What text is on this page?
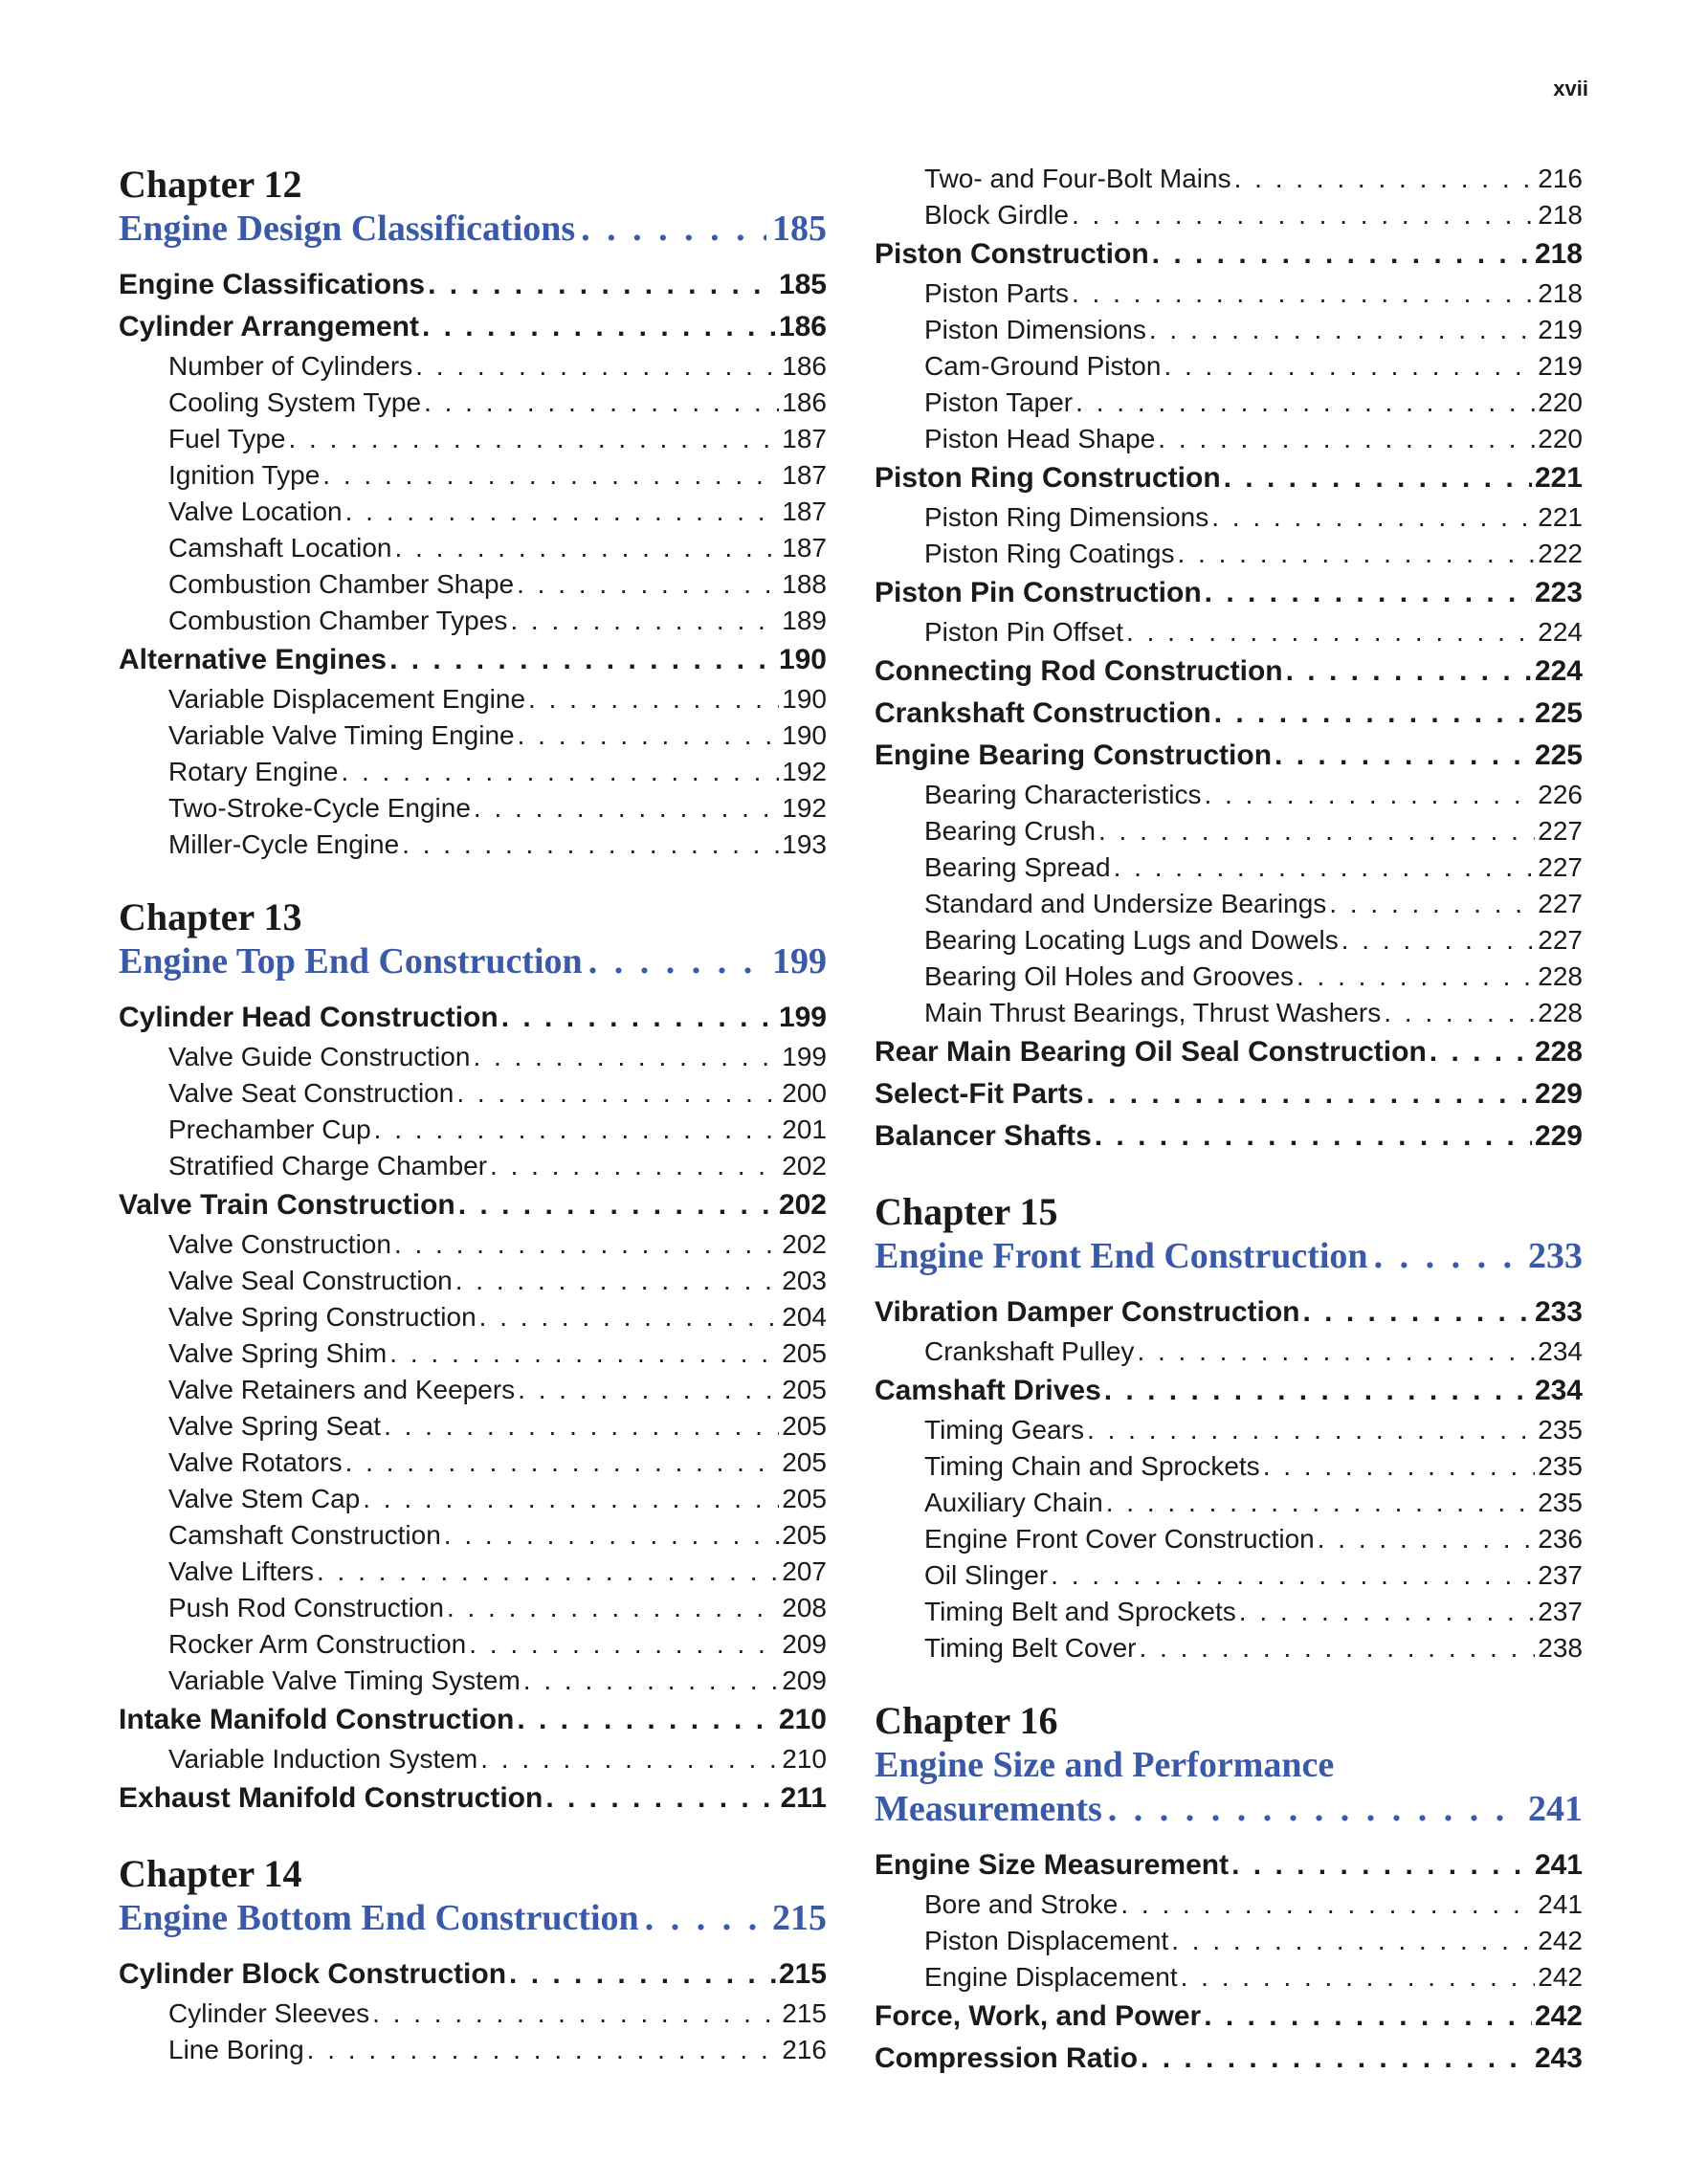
xvii
Chapter 12
Engine Design Classifications . . .	185
Engine Classifications . . .	185
Cylinder Arrangement . . .	186
Number of Cylinders . . .	186
Cooling System Type . . .	186
Fuel Type . . .	187
Ignition Type . . .	187
Valve Location . . .	187
Camshaft Location . . .	187
Combustion Chamber Shape . . .	188
Combustion Chamber Types . . .	189
Alternative Engines . . .	190
Variable Displacement Engine . . .	190
Variable Valve Timing Engine . . .	190
Rotary Engine . . .	192
Two-Stroke-Cycle Engine . . .	192
Miller-Cycle Engine . . .	193
Chapter 13
Engine Top End Construction . . .	199
Cylinder Head Construction . . .	199
Valve Guide Construction . . .	199
Valve Seat Construction . . .	200
Prechamber Cup . . .	201
Stratified Charge Chamber . . .	202
Valve Train Construction . . .	202
Valve Construction . . .	202
Valve Seal Construction . . .	203
Valve Spring Construction . . .	204
Valve Spring Shim . . .	205
Valve Retainers and Keepers . . .	205
Valve Spring Seat . . .	205
Valve Rotators . . .	205
Valve Stem Cap . . .	205
Camshaft Construction . . .	205
Valve Lifters . . .	207
Push Rod Construction . . .	208
Rocker Arm Construction . . .	209
Variable Valve Timing System . . .	209
Intake Manifold Construction . . .	210
Variable Induction System . . .	210
Exhaust Manifold Construction . . .	211
Chapter 14
Engine Bottom End Construction . . .	215
Cylinder Block Construction . . .	215
Cylinder Sleeves . . .	215
Line Boring . . .	216
Two- and Four-Bolt Mains . . .	216
Block Girdle . . .	218
Piston Construction . . .	218
Piston Parts . . .	218
Piston Dimensions . . .	219
Cam-Ground Piston . . .	219
Piston Taper . . .	220
Piston Head Shape . . .	220
Piston Ring Construction . . .	221
Piston Ring Dimensions . . .	221
Piston Ring Coatings . . .	222
Piston Pin Construction . . .	223
Piston Pin Offset . . .	224
Connecting Rod Construction . . .	224
Crankshaft Construction . . .	225
Engine Bearing Construction . . .	225
Bearing Characteristics . . .	226
Bearing Crush . . .	227
Bearing Spread . . .	227
Standard and Undersize Bearings . . .	227
Bearing Locating Lugs and Dowels . . .	227
Bearing Oil Holes and Grooves . . .	228
Main Thrust Bearings, Thrust Washers . . .	228
Rear Main Bearing Oil Seal Construction . . .	228
Select-Fit Parts . . .	229
Balancer Shafts . . .	229
Chapter 15
Engine Front End Construction . . .	233
Vibration Damper Construction . . .	233
Crankshaft Pulley . . .	234
Camshaft Drives . . .	234
Timing Gears . . .	235
Timing Chain and Sprockets . . .	235
Auxiliary Chain . . .	235
Engine Front Cover Construction . . .	236
Oil Slinger . . .	237
Timing Belt and Sprockets . . .	237
Timing Belt Cover . . .	238
Chapter 16
Engine Size and Performance
Measurements . . .	241
Engine Size Measurement . . .	241
Bore and Stroke . . .	241
Piston Displacement . . .	242
Engine Displacement . . .	242
Force, Work, and Power . . .	242
Compression Ratio . . .	243
